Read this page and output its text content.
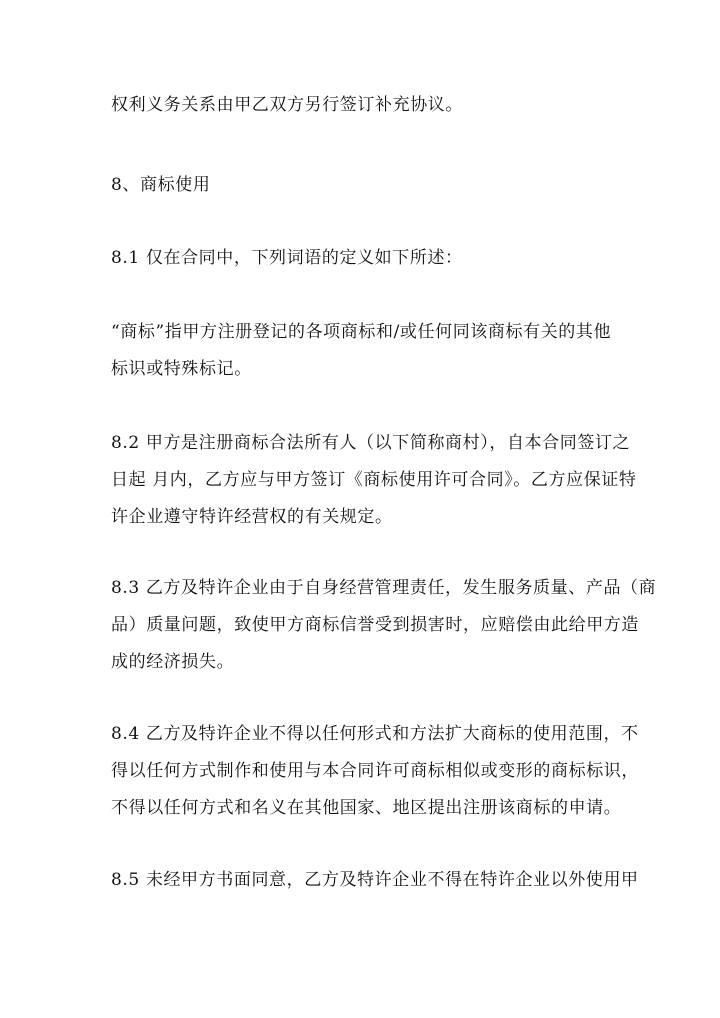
权利义务关系由甲乙双方另行签订补充协议。
8、商标使用
8.1 仅在合同中，下列词语的定义如下所述：
“商标”指甲方注册登记的各项商标和/或任何同该商标有关的其他
标识或特殊标记。
8.2 甲方是注册商标合法所有人（以下简称商村），自本合同签订之
日起 月内，乙方应与甲方签订《商标使用许可合同》。乙方应保证特
许企业遵守特许经营权的有关规定。
8.3 乙方及特许企业由于自身经营管理责任，发生服务质量、产品（商
品）质量问题，致使甲方商标信誉受到损害时，应赔偿由此给甲方造
成的经济损失。
8.4 乙方及特许企业不得以任何形式和方法扩大商标的使用范围，不
得以任何方式制作和使用与本合同许可商标相似或变形的商标标识，
不得以任何方式和名义在其他国家、地区提出注册该商标的申请。
8.5 未经甲方书面同意，乙方及特许企业不得在特许企业以外使用甲
